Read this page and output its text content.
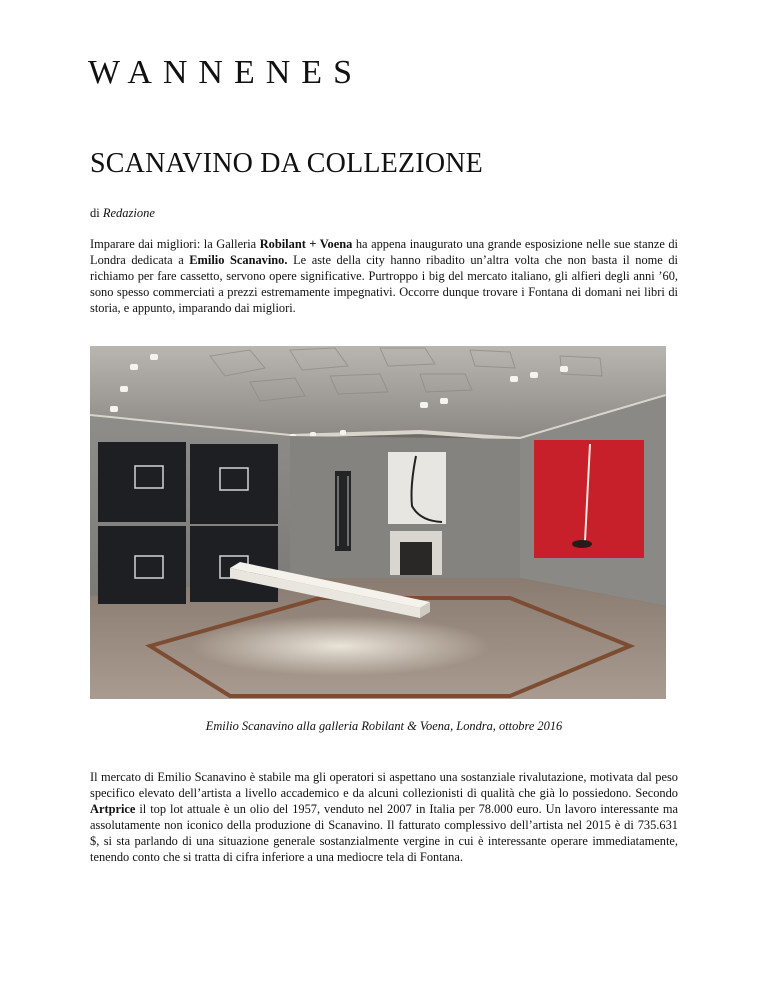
WANNENES
SCANAVINO DA COLLEZIONE

di Redazione

Imparare dai migliori: la Galleria Robilant + Voena ha appena inaugurato una grande esposizione nelle sue stanze di Londra dedicata a Emilio Scanavino. Le aste della city hanno ribadito un’altra volta che non basta il nome di richiamo per fare cassetto, servono opere significative. Purtroppo i big del mercato italiano, gli alfieri degli anni ’60, sono spesso commerciati a prezzi estremamente impegnativi. Occorre dunque trovare i Fontana di domani nei libri di storia, e appunto, imparando dai migliori.

Emilio Scanavino alla galleria Robilant & Voena, Londra, ottobre 2016

Il mercato di Emilio Scanavino è stabile ma gli operatori si aspettano una sostanziale rivalutazione, motivata dal peso specifico elevato dell’artista a livello accademico e da alcuni collezionisti di qualità che già lo possiedono. Secondo Artprice il top lot attuale è un olio del 1957, venduto nel 2007 in Italia per 78.000 euro. Un lavoro interessante ma assolutamente non iconico della produzione di Scanavino. Il fatturato complessivo dell’artista nel 2015 è di 735.631 $, si sta parlando di una situazione generale sostanzialmente vergine in cui è interessante operare immediatamente, tenendo conto che si tratta di cifra inferiore a una mediocre tela di Fontana.
